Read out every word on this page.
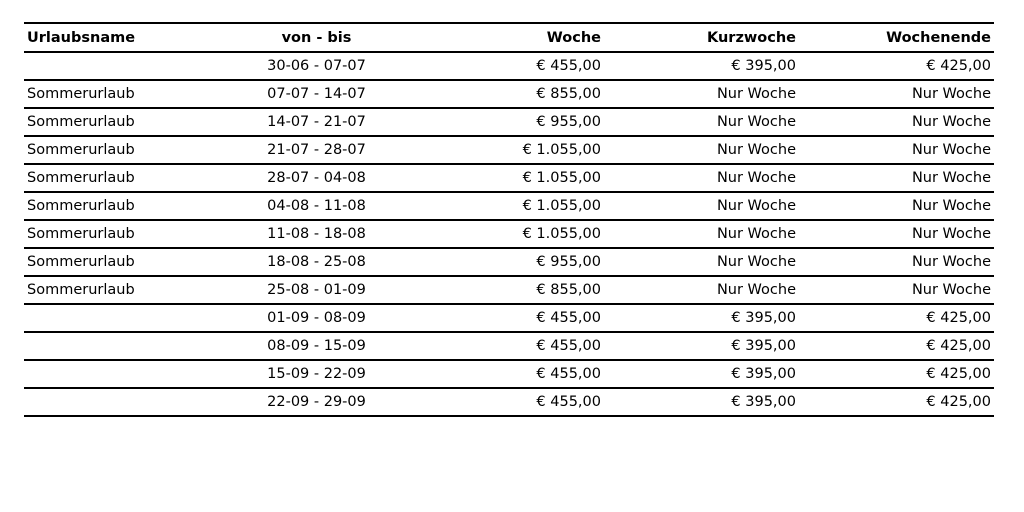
Urlaubsname	von - bis	Woche	Kurzwoche	Wochenende
	30-06 - 07-07	€ 455,00	€ 395,00	€ 425,00
Sommerurlaub	07-07 - 14-07	€ 855,00	Nur Woche	Nur Woche
Sommerurlaub	14-07 - 21-07	€ 955,00	Nur Woche	Nur Woche
Sommerurlaub	21-07 - 28-07	€ 1.055,00	Nur Woche	Nur Woche
Sommerurlaub	28-07 - 04-08	€ 1.055,00	Nur Woche	Nur Woche
Sommerurlaub	04-08 - 11-08	€ 1.055,00	Nur Woche	Nur Woche
Sommerurlaub	11-08 - 18-08	€ 1.055,00	Nur Woche	Nur Woche
Sommerurlaub	18-08 - 25-08	€ 955,00	Nur Woche	Nur Woche
Sommerurlaub	25-08 - 01-09	€ 855,00	Nur Woche	Nur Woche
	01-09 - 08-09	€ 455,00	€ 395,00	€ 425,00
	08-09 - 15-09	€ 455,00	€ 395,00	€ 425,00
	15-09 - 22-09	€ 455,00	€ 395,00	€ 425,00
	22-09 - 29-09	€ 455,00	€ 395,00	€ 425,00
